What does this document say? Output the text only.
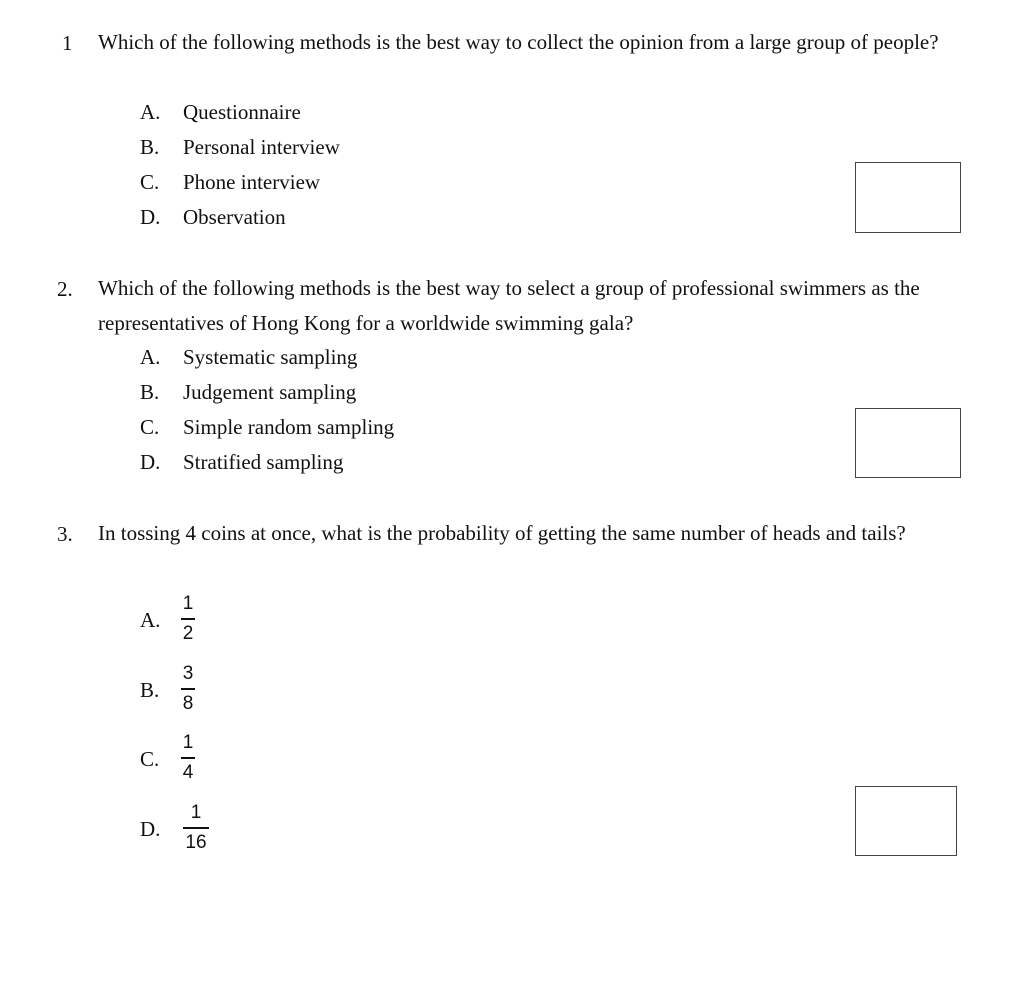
1 Which of the following methods is the best way to collect the opinion from a large group of people?
A.	Questionnaire
B.	Personal interview
C.	Phone interview
D.	Observation
2. Which of the following methods is the best way to select a group of professional swimmers as the representatives of Hong Kong for a worldwide swimming gala?
A.	Systematic sampling
B.	Judgement sampling
C.	Simple random sampling
D.	Stratified sampling
3. In tossing 4 coins at once, what is the probability of getting the same number of heads and tails?
A.
1
2
B.
3
8
C.
1
4
D.
1
16
